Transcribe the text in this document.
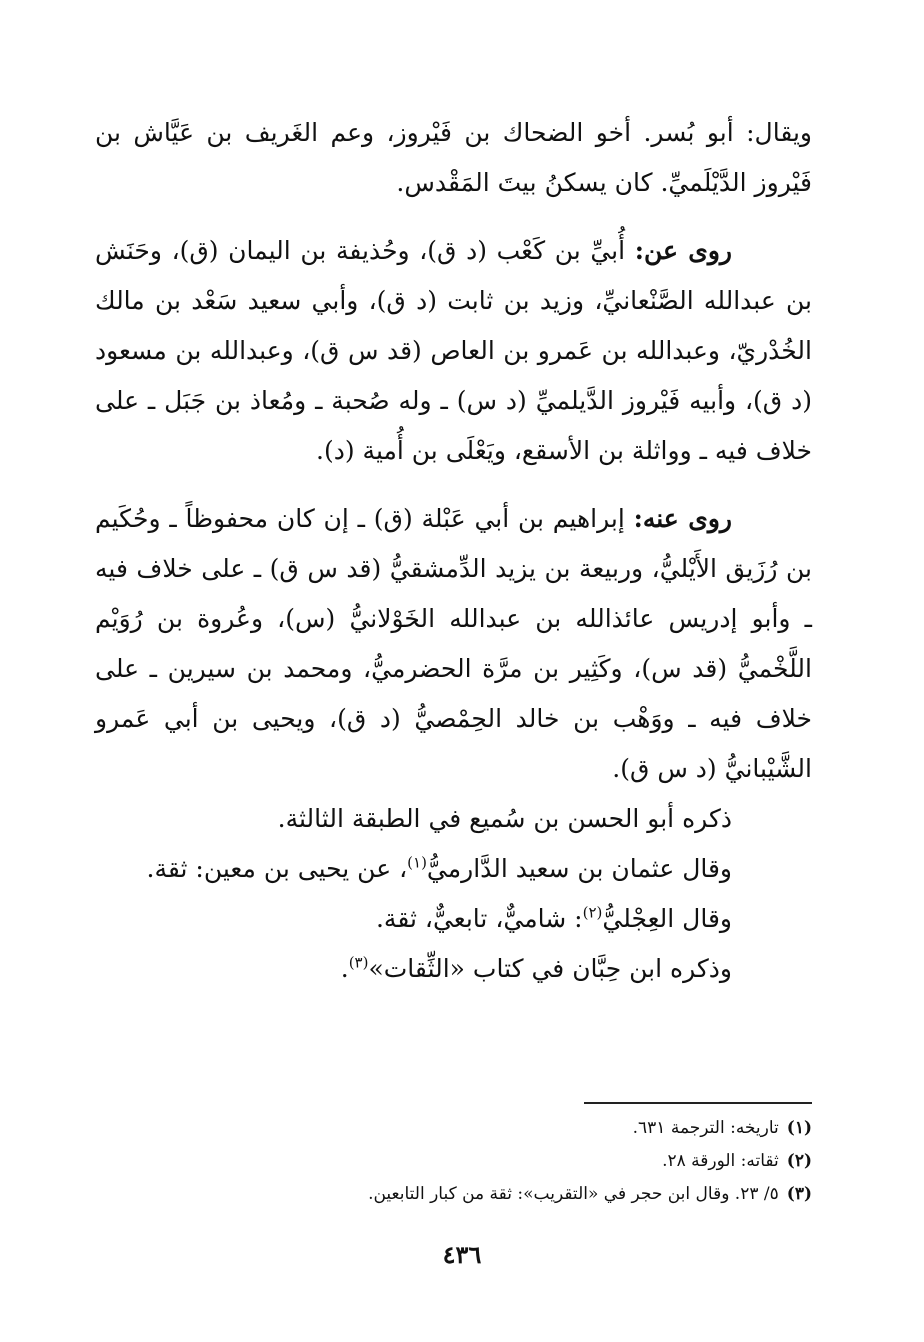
ويقال: أبو بُسر. أخو الضحاك بن فَيْروز، وعم الغَريف بن عَيَّاش بن فَيْروز الدَّيْلَميِّ. كان يسكنُ بيتَ المَقْدس.

روى عن: أُبيِّ بن كَعْب (د ق)، وحُذيفة بن اليمان (ق)، وحَنَش بن عبدالله الصَّنْعانيِّ، وزيد بن ثابت (د ق)، وأبي سعيد سَعْد بن مالك الخُدْريّ، وعبدالله بن عَمرو بن العاص (قد س ق)، وعبدالله بن مسعود (د ق)، وأبيه فَيْروز الدَّيلميِّ (د س) ـ وله صُحبة ـ ومُعاذ بن جَبَل ـ على خلاف فيه ـ وواثلة بن الأسقع، ويَعْلَى بن أُمية (د).

روى عنه: إبراهيم بن أبي عَبْلة (ق) ـ إن كان محفوظاً ـ وحُكَيم بن رُزَيق الأَيْليُّ، وربيعة بن يزيد الدِّمشقيُّ (قد س ق) ـ على خلاف فيه ـ وأبو إدريس عائذالله بن عبدالله الخَوْلانيُّ (س)، وعُروة بن رُوَيْم اللَّخْميُّ (قد س)، وكَثِير بن مرَّة الحضرميُّ، ومحمد بن سيرين ـ على خلاف فيه ـ ووَهْب بن خالد الحِمْصيُّ (د ق)، ويحيى بن أبي عَمرو الشَّيْبانيُّ (د س ق).

ذكره أبو الحسن بن سُميع في الطبقة الثالثة.

وقال عثمان بن سعيد الدَّارميُّ$^{(١)}$، عن يحيى بن معين: ثقة.

وقال العِجْليُّ$^{(٢)}$: شاميٌّ، تابعيٌّ، ثقة.

وذكره ابن حِبَّان في كتاب «الثِّقات»$^{(٣)}$.

(١)تاريخه: الترجمة ٦٣١.

(٢)ثقاته: الورقة ٢٨.

(٣)٥/ ٢٣. وقال ابن حجر في «التقريب»: ثقة من كبار التابعين.

٤٣٦
